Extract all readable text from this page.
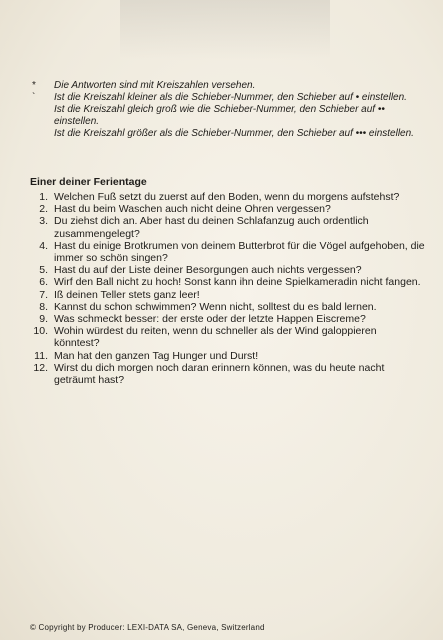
*	Die Antworten sind mit Kreiszahlen versehen.
`	Ist die Kreiszahl kleiner als die Schieber-Nummer, den Schieber auf • einstellen.
Ist die Kreiszahl gleich groß wie die Schieber-Nummer, den Schieber auf •• einstellen.
Ist die Kreiszahl größer als die Schieber-Nummer, den Schieber auf ••• einstellen.
Einer deiner Ferientage
1. Welchen Fuß setzt du zuerst auf den Boden, wenn du morgens aufstehst?
2. Hast du beim Waschen auch nicht deine Ohren vergessen?
3. Du ziehst dich an. Aber hast du deinen Schlafanzug auch ordentlich zusammengelegt?
4. Hast du einige Brotkrumen von deinem Butterbrot für die Vögel aufgehoben, die immer so schön singen?
5. Hast du auf der Liste deiner Besorgungen auch nichts vergessen?
6. Wirf den Ball nicht zu hoch! Sonst kann ihn deine Spielkameradin nicht fangen.
7. Iß deinen Teller stets ganz leer!
8. Kannst du schon schwimmen? Wenn nicht, solltest du es bald lernen.
9. Was schmeckt besser: der erste oder der letzte Happen Eiscreme?
10. Wohin würdest du reiten, wenn du schneller als der Wind galoppieren könntest?
11. Man hat den ganzen Tag Hunger und Durst!
12. Wirst du dich morgen noch daran erinnern können, was du heute nacht geträumt hast?
© Copyright by Producer: LEXI-DATA SA, Geneva, Switzerland
